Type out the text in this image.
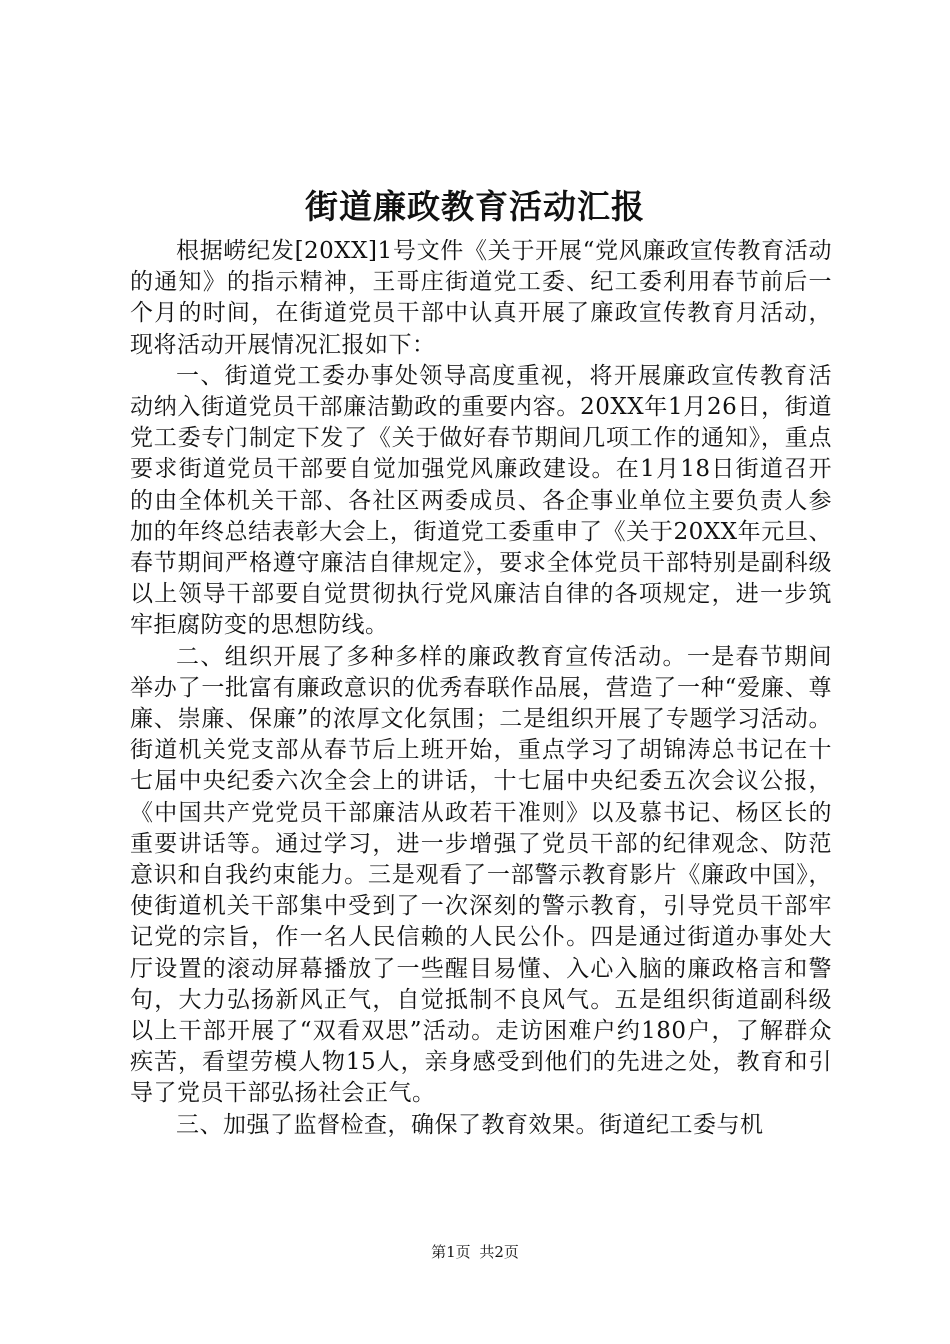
街道廉政教育活动汇报

根据崂纪发[20XX]1号文件《关于开展“党风廉政宣传教育活动的通知》的指示精神，王哥庄街道党工委、纪工委利用春节前后一个月的时间，在街道党员干部中认真开展了廉政宣传教育月活动，现将活动开展情况汇报如下：

一、街道党工委办事处领导高度重视，将开展廉政宣传教育活动纳入街道党员干部廉洁勤政的重要内容。20XX年1月26日，街道党工委专门制定下发了《关于做好春节期间几项工作的通知》，重点要求街道党员干部要自觉加强党风廉政建设。在1月18日街道召开的由全体机关干部、各社区两委成员、各企事业单位主要负责人参加的年终总结表彰大会上，街道党工委重申了《关于20XX年元旦、春节期间严格遵守廉洁自律规定》，要求全体党员干部特别是副科级以上领导干部要自觉贯彻执行党风廉洁自律的各项规定，进一步筑牢拒腐防变的思想防线。

二、组织开展了多种多样的廉政教育宣传活动。一是春节期间举办了一批富有廉政意识的优秀春联作品展，营造了一种“爱廉、尊廉、崇廉、保廉”的浓厚文化氛围；二是组织开展了专题学习活动。街道机关党支部从春节后上班开始，重点学习了胡锦涛总书记在十七届中央纪委六次全会上的讲话，十七届中央纪委五次会议公报，《中国共产党党员干部廉洁从政若干准则》以及慕书记、杨区长的重要讲话等。通过学习，进一步增强了党员干部的纪律观念、防范意识和自我约束能力。三是观看了一部警示教育影片《廉政中国》，使街道机关干部集中受到了一次深刻的警示教育，引导党员干部牢记党的宗旨，作一名人民信赖的人民公仆。四是通过街道办事处大厅设置的滚动屏幕播放了一些醒目易懂、入心入脑的廉政格言和警句，大力弘扬新风正气，自觉抵制不良风气。五是组织街道副科级以上干部开展了“双看双思”活动。走访困难户约180户，了解群众疾苦，看望劳模人物15人，亲身感受到他们的先进之处，教育和引导了党员干部弘扬社会正气。

三、加强了监督检查，确保了教育效果。街道纪工委与机

第1页 共2页
